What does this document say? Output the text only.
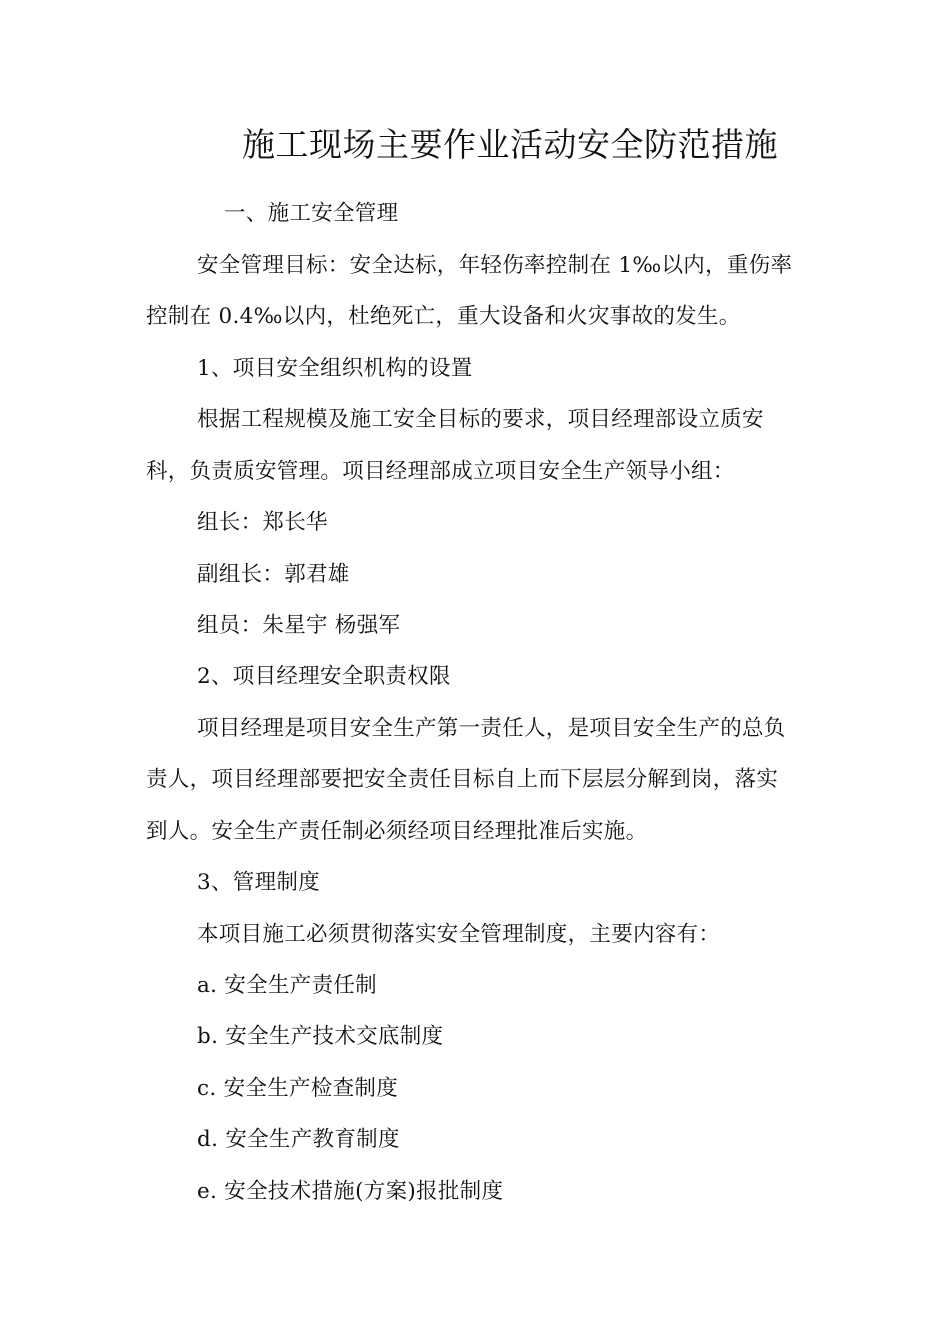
施工现场主要作业活动安全防范措施
一、施工安全管理
安全管理目标：安全达标，年轻伤率控制在 1‰以内，重伤率
控制在 0.4‰以内，杜绝死亡，重大设备和火灾事故的发生。
1、项目安全组织机构的设置
根据工程规模及施工安全目标的要求，项目经理部设立质安
科，负责质安管理。项目经理部成立项目安全生产领导小组：
组长：郑长华
副组长：郭君雄
组员：朱星宇 杨强军
2、项目经理安全职责权限
项目经理是项目安全生产第一责任人，是项目安全生产的总负
责人，项目经理部要把安全责任目标自上而下层层分解到岗，落实
到人。安全生产责任制必须经项目经理批准后实施。
3、管理制度
本项目施工必须贯彻落实安全管理制度，主要内容有：
a. 安全生产责任制
b. 安全生产技术交底制度
c. 安全生产检查制度
d. 安全生产教育制度
e. 安全技术措施(方案)报批制度
